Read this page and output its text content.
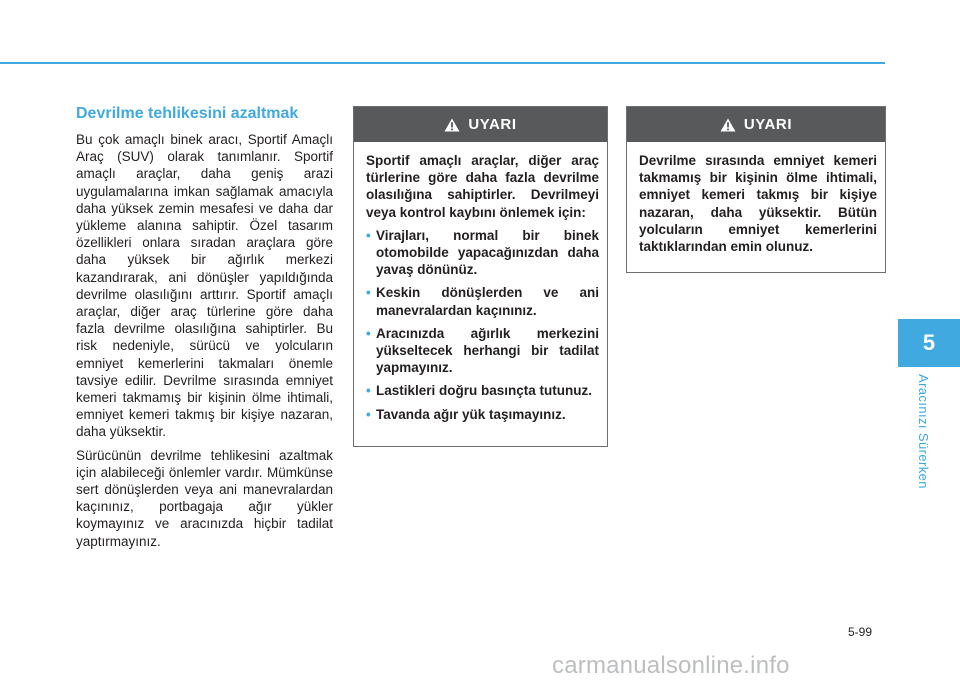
Devrilme tehlikesini azaltmak

Bu çok amaçlı binek aracı, Sportif Amaçlı Araç (SUV) olarak tanımlanır. Sportif amaçlı araçlar, daha geniş arazi uygulamalarına imkan sağlamak amacıyla daha yüksek zemin mesafesi ve daha dar yükleme alanına sahiptir. Özel tasarım özellikleri onlara sıradan araçlara göre daha yüksek bir ağırlık merkezi kazandırarak, ani dönüşler yapıldığında devrilme olasılığını arttırır. Sportif amaçlı araçlar, diğer araç türlerine göre daha fazla devrilme olasılığına sahiptirler. Bu risk nedeniyle, sürücü ve yolcuların emniyet kemerlerini takmaları önemle tavsiye edilir. Devrilme sırasında emniyet kemeri takmamış bir kişinin ölme ihtimali, emniyet kemeri takmış bir kişiye nazaran, daha yüksektir.

Sürücünün devrilme tehlikesini azaltmak için alabileceği önlemler vardır. Mümkünse sert dönüşlerden veya ani manevralardan kaçınınız, portbagaja ağır yükler koymayınız ve aracınızda hiçbir tadilat yaptırmayınız.

UYARI

Sportif amaçlı araçlar, diğer araç türlerine göre daha fazla devrilme olasılığına sahiptirler. Devrilmeyi veya kontrol kaybını önlemek için:

• Virajları, normal bir binek otomobilde yapacağınızdan daha yavaş dönünüz.
• Keskin dönüşlerden ve ani manevralardan kaçınınız.
• Aracınızda ağırlık merkezini yükseltecek herhangi bir tadilat yapmayınız.
• Lastikleri doğru basınçta tutunuz.
• Tavanda ağır yük taşımayınız.
UYARI

Devrilme sırasında emniyet kemeri takmamış bir kişinin ölme ihtimali, emniyet kemeri takmış bir kişiye nazaran, daha yüksektir. Bütün yolcuların emniyet kemerlerini taktıklarından emin olunuz.

5
Aracınızı Sürerken
5-99
carmanualsonline.info
